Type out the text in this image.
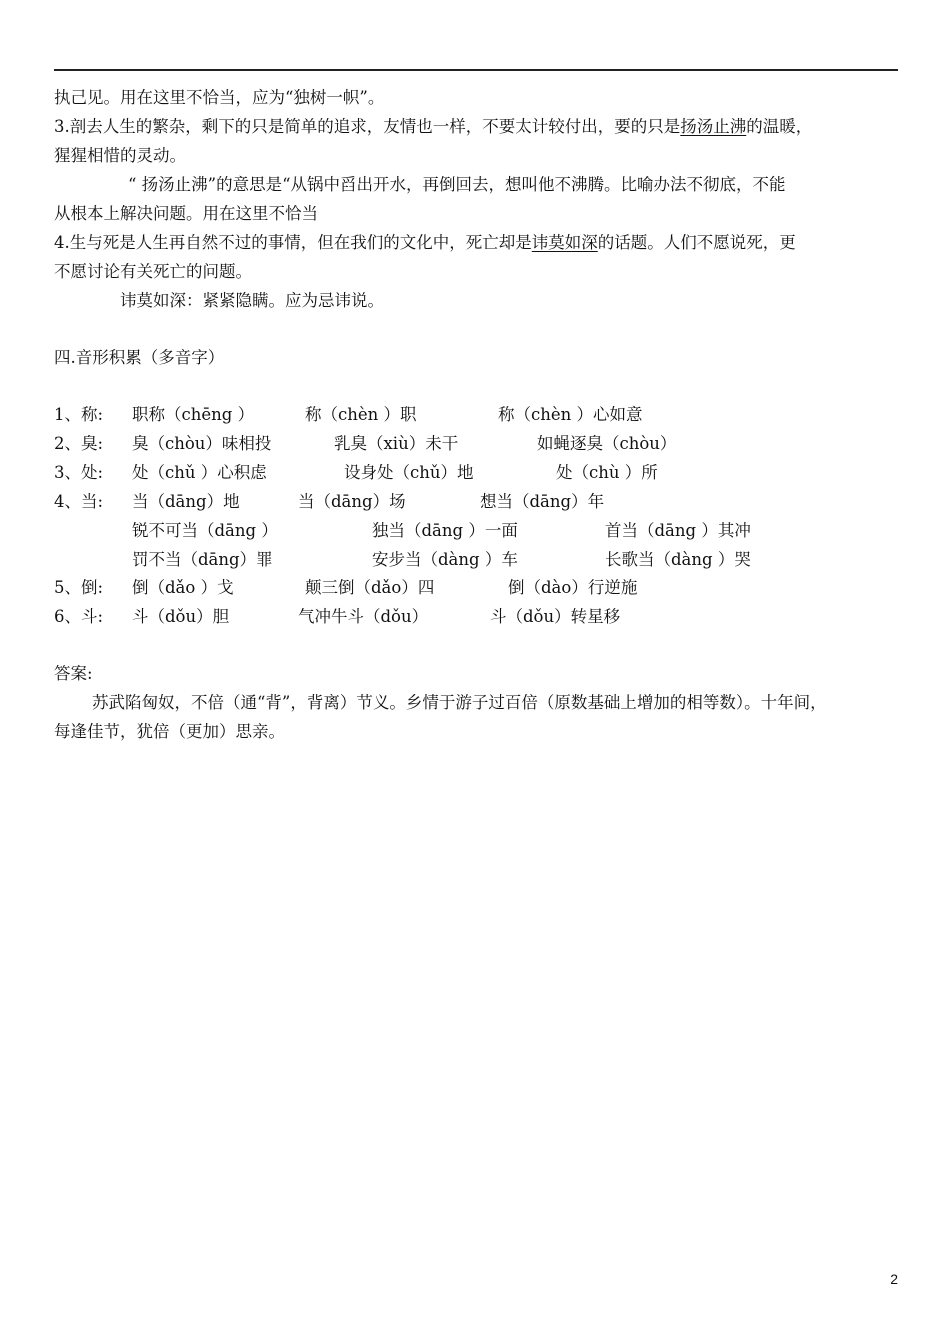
执己见。用在这里不恰当，应为“独树一帜”。
3.剖去人生的繁杂，剩下的只是简单的追求，友情也一样，不要太计较付出，要的只是扬汤止沸的温暖，
猩猩相惜的灵动。
“ 扬汤止沸”的意思是“从锅中舀出开水，再倒回去，想叫他不沸腾。比喻办法不彻底，不能
从根本上解决问题。用在这里不恰当
4.生与死是人生再自然不过的事情，但在我们的文化中，死亡却是讳莫如深的话题。人们不愿说死，更
不愿讨论有关死亡的问题。
讳莫如深：紧紧隐瞒。应为忌讳说。
四.音形积累（多音字）
1、称: 职称（chēng ）	称（chèn ）职	称（chèn ）心如意
2、臭: 臭（chòu）味相投	乳臭（xiù）未干	如蝇逐臭（chòu）
3、处: 处（chǔ ）心积虑	设身处（chǔ）地	处（chù ）所
4、当: 当（dāng）地	当（dāng）场	想当（dāng）年
锐不可当（dāng ）	独当（dāng ）一面	首当（dāng ）其冲
罚不当（dāng）罪	安步当（dàng ）车	长歌当（dàng ）哭
5、倒: 倒（dǎo ）戈	颠三倒（dǎo）四	倒（dào）行逆施
6、斗: 斗（dǒu）胆	气冲牛斗（dǒu）	斗（dǒu）转星移
答案:
苏武陷匈奴，不倍（通“背”，背离）节义。乡情于游子过百倍（原数基础上增加的相等数）。十年间，
每逢佳节，犹倍（更加）思亲。
2
